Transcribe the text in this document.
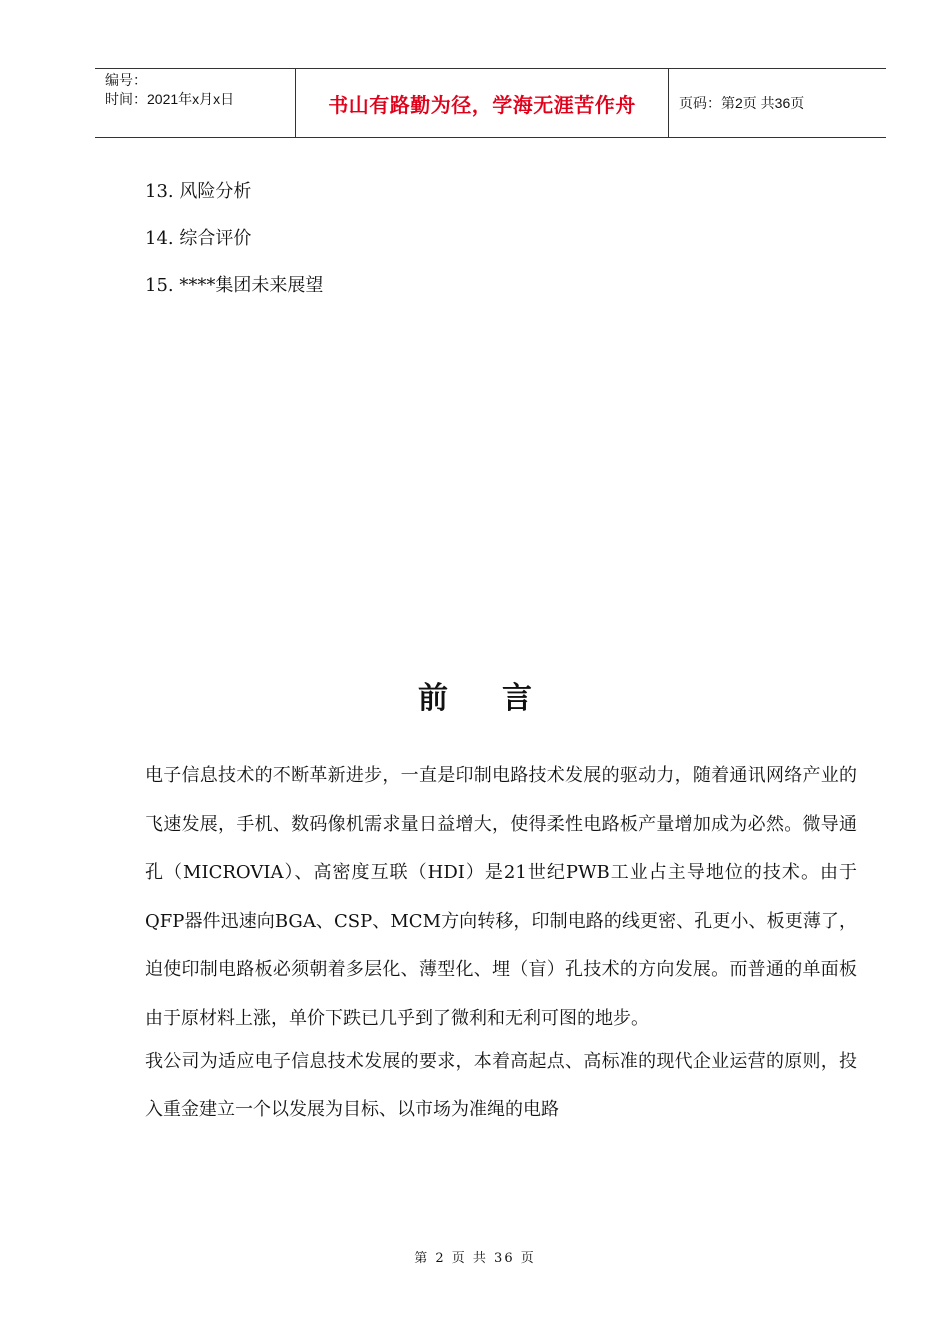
编号：
时间：2021年x月x日	书山有路勤为径，学海无涯苦作舟	页码：第2页 共36页
13. 风险分析
14. 综合评价
15. ****集团未来展望
前言

电子信息技术的不断革新进步，一直是印制电路技术发展的驱动力，随着通讯网络产业的飞速发展，手机、数码像机需求量日益增大，使得柔性电路板产量增加成为必然。微导通孔（MICROVIA）、高密度互联（HDI）是21世纪PWB工业占主导地位的技术。由于QFP器件迅速向BGA、CSP、MCM方向转移，印制电路的线更密、孔更小、板更薄了，迫使印制电路板必须朝着多层化、薄型化、埋（盲）孔技术的方向发展。而普通的单面板由于原材料上涨，单价下跌已几乎到了微利和无利可图的地步。

我公司为适应电子信息技术发展的要求，本着高起点、高标准的现代企业运营的原则，投入重金建立一个以发展为目标、以市场为准绳的电路

第 2 页 共 36 页
